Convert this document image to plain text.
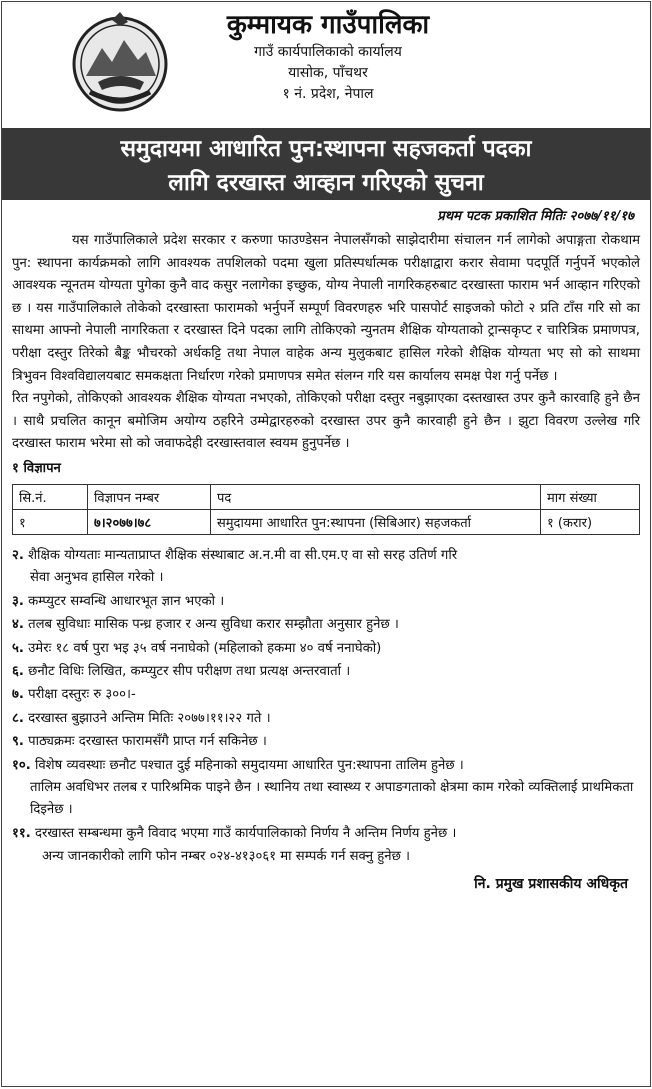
कुम्मायक गाउँपालिका

गाउँ कार्यपालिकाको कार्यालय

यासोक, पाँचथर

१ नं. प्रदेश, नेपाल

समुदायमा आधारित पुन:स्थापना सहजकर्ता पदका
लागि दरखास्त आव्हान गरिएको सुचना

प्रथम पटक प्रकाशित मितिः २०७७/११/१७

यस गाउँपालिकाले प्रदेश सरकार र करुणा फाउण्डेसन नेपालसँगको साझेदारीमा संचालन गर्न लागेको अपाङ्गता रोकथाम पुन: स्थापना कार्यक्रमको लागि आवश्यक तपशिलको पदमा खुला प्रतिस्पर्धात्मक परीक्षाद्वारा करार सेवामा पदपूर्ति गर्नुपर्ने भएकोले आवश्यक न्यूनतम योग्यता पुगेका कुनै वाद कसुर नलागेका इच्छुक, योग्य नेपाली नागरिकहरुबाट दरखास्ता फाराम भर्न आव्हान गरिएको छ । यस गाउँपालिकाले तोकेको दरखास्ता फारामको भर्नुपर्ने सम्पूर्ण विवरणहरु भरि पासपोर्ट साइजको फोटो २ प्रति टाँस गरि सो का साथमा आफ्नो नेपाली नागरिकता र दरखास्त दिने पदका लागि तोकिएको न्युनतम शैक्षिक योग्यताको ट्रान्सकृप्ट र चारित्रिक प्रमाणपत्र, परीक्षा दस्तुर तिरेको बैङ्क भौचरको अर्धकट्टि तथा नेपाल वाहेक अन्य मुलुकबाट हासिल गरेको शैक्षिक योग्यता भए सो को साथमा त्रिभुवन विश्वविद्यालयबाट समकक्षता निर्धारण गरेको प्रमाणपत्र समेत संलग्न गरि यस कार्यालय समक्ष पेश गर्नु पर्नेछ ।

रित नपुगेको, तोकिएको आवश्यक शैक्षिक योग्यता नभएको, तोकिएको परीक्षा दस्तुर नबुझाएका दस्तखास्त उपर कुनै कारवाहि हुने छैन । साथै प्रचलित कानून बमोजिम अयोग्य ठहरिने उम्मेद्वारहरुको दरखास्त उपर कुनै कारवाही हुने छैन । झुटा विवरण उल्लेख गरि दरखास्त फाराम भरेमा सो को जवाफदेही दरखास्तवाल स्वयम हुनुपर्नेछ ।

१ विज्ञापन

सि.नं.	विज्ञापन नम्बर	पद	माग संख्या
१	७।२०७७।७८	समुदायमा आधारित पुन:स्थापना (सिबिआर) सहजकर्ता	१ (करार)
२. शैक्षिक योग्यताः मान्यताप्राप्त शैक्षिक संस्थाबाट अ.न.मी वा सी.एम.ए वा सो सरह उतिर्ण गरि
सेवा अनुभव हासिल गरेको ।
३. कम्प्युटर सम्वन्धि आधारभूत ज्ञान भएको ।
४. तलब सुविधाः मासिक पन्ध्र हजार र अन्य सुविधा करार सम्झौता अनुसार हुनेछ ।
५. उमेरः १८ वर्ष पुरा भइ ३५ वर्ष ननाघेको (महिलाको हकमा ४० वर्ष ननाघेको)
६. छनौट विधिः लिखित, कम्प्युटर सीप परीक्षण तथा प्रत्यक्ष अन्तरवार्ता ।
७. परीक्षा दस्तुरः रु ३००।-
८. दरखास्त बुझाउने अन्तिम मितिः २०७७।११।२२ गते ।
९. पाठ्यक्रमः दरखास्त फारामसँगै प्राप्त गर्न सकिनेछ ।
१०. विशेष व्यवस्थाः छनौट पश्चात दुई महिनाको समुदायमा आधारित पुन:स्थापना तालिम हुनेछ ।
तालिम अवधिभर तलब र पारिश्रमिक पाइने छैन । स्थानिय तथा स्वास्थ्य र अपाङगताको क्षेत्रमा काम गरेको व्यक्तिलाई प्राथमिकता दिइनेछ ।
११. दरखास्त सम्बन्धमा कुनै विवाद भएमा गाउँ कार्यपालिकाको निर्णय नै अन्तिम निर्णय हुनेछ ।

अन्य जानकारीको लागि फोन नम्बर ०२४-४१३०६१ मा सम्पर्क गर्न सक्नु हुनेछ ।

नि. प्रमुख प्रशासकीय अधिकृत
